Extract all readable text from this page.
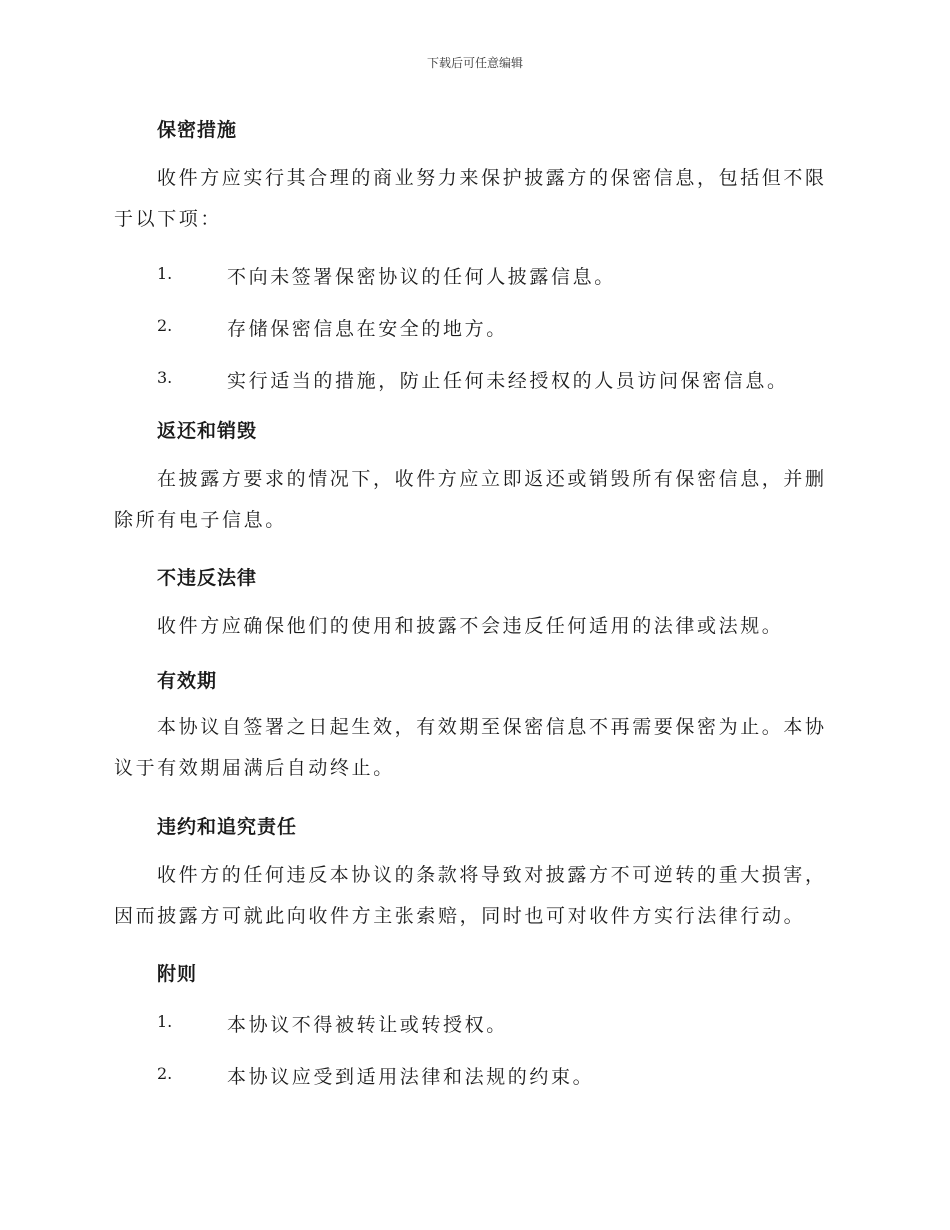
下载后可任意编辑
保密措施
收件方应实行其合理的商业努力来保护披露方的保密信息，包括但不限于以下项：
1.	不向未签署保密协议的任何人披露信息。
2.	存储保密信息在安全的地方。
3.	实行适当的措施，防止任何未经授权的人员访问保密信息。
返还和销毁
在披露方要求的情况下，收件方应立即返还或销毁所有保密信息，并删除所有电子信息。
不违反法律
收件方应确保他们的使用和披露不会违反任何适用的法律或法规。
有效期
本协议自签署之日起生效，有效期至保密信息不再需要保密为止。本协议于有效期届满后自动终止。
违约和追究责任
收件方的任何违反本协议的条款将导致对披露方不可逆转的重大损害，因而披露方可就此向收件方主张索赔，同时也可对收件方实行法律行动。
附则
1.	本协议不得被转让或转授权。
2.	本协议应受到适用法律和法规的约束。
